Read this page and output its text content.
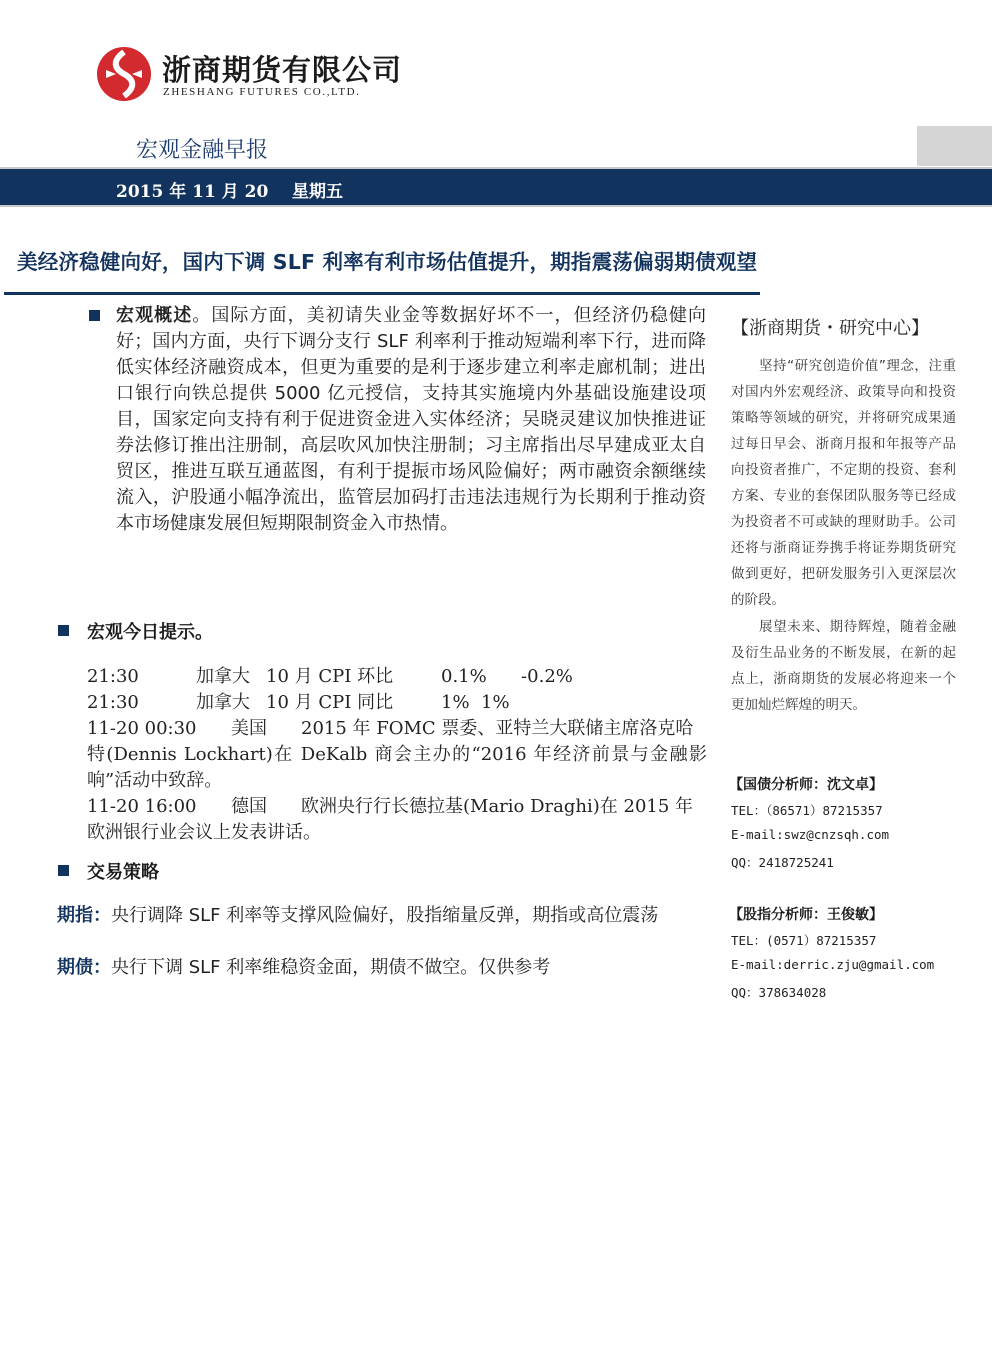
浙商期货有限公司
ZHESHANG FUTURES CO.,LTD.
宏观金融早报
2015 年 11 月 20    星期五
美经济稳健向好，国内下调 SLF 利率有利市场估值提升，期指震荡偏弱期债观望
宏观概述。国际方面，美初请失业金等数据好坏不一，但经济仍稳健向好；国内方面，央行下调分支行 SLF 利率利于推动短端利率下行，进而降低实体经济融资成本，但更为重要的是利于逐步建立利率走廊机制；进出口银行向铁总提供 5000 亿元授信，支持其实施境内外基础设施建设项目，国家定向支持有利于促进资金进入实体经济；吴晓灵建议加快推进证券法修订推出注册制，高层吹风加快注册制；习主席指出尽早建成亚太自贸区，推进互联互通蓝图，有利于提振市场风险偏好；两市融资余额继续流入，沪股通小幅净流出，监管层加码打击违法违规行为长期利于推动资本市场健康发展但短期限制资金入市热情。
宏观今日提示。
21:30	加拿大 10 月 CPI 环比	0.1%      -0.2%
21:30	加拿大 10 月 CPI 同比	1%  1%
11-20 00:30 美国 2015 年 FOMC 票委、亚特兰大联储主席洛克哈
特(Dennis Lockhart)在 DeKalb 商会主办的“2016 年经济前景与金融影响”活动中致辞。
11-20 16:00 德国 欧洲央行行长德拉基(Mario Draghi)在 2015 年
欧洲银行业会议上发表讲话。
交易策略
期指：央行调降 SLF 利率等支撑风险偏好，股指缩量反弹，期指或高位震荡
期债：央行下调 SLF 利率维稳资金面，期债不做空。仅供参考
【浙商期货・研究中心】
坚持“研究创造价值”理念，注重对国内外宏观经济、政策导向和投资策略等领域的研究，并将研究成果通过每日早会、浙商月报和年报等产品向投资者推广，不定期的投资、套利方案、专业的套保团队服务等已经成为投资者不可或缺的理财助手。公司还将与浙商证券携手将证券期货研究做到更好，把研发服务引入更深层次的阶段。
展望未来、期待辉煌，随着金融及衍生品业务的不断发展，在新的起点上，浙商期货的发展必将迎来一个更加灿烂辉煌的明天。
【国债分析师：沈文卓】
TEL：（86571）87215357
E-mail:swz@cnzsqh.com
QQ：2418725241
【股指分析师：王俊敏】
TEL：(0571）87215357
E-mail:derric.zju@gmail.com
QQ：378634028
